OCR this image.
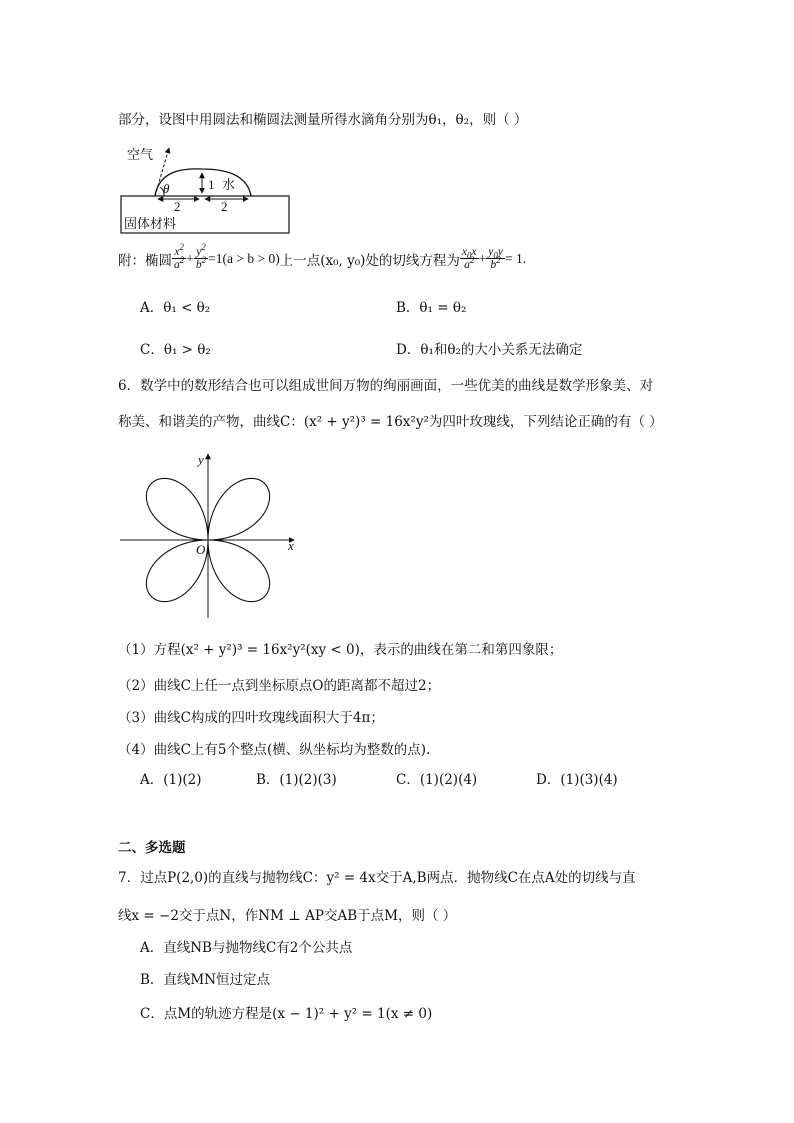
部分，设图中用圆法和椭圆法测量所得水滴角分别为θ₁，θ₂，则（ ）
空气
θ	1 水
2	2
固体材料
附：椭圆 $\frac{x^2}{a^2} + \frac{y^2}{b^2} =1(a > b > 0)$ 上一点(x₀, y₀)处的切线方程为 $\frac{x_0x}{a^2} + \frac{y_0y}{b^2} = 1$.
A．θ₁ < θ₂	B．θ₁ = θ₂
C．θ₁ > θ₂	D．θ₁和θ₂的大小关系无法确定
6．数学中的数形结合也可以组成世间万物的绚丽画面，一些优美的曲线是数学形象美、对
称美、和谐美的产物，曲线C：(x² + y²)³ = 16x²y²为四叶玫瑰线，下列结论正确的有（ ）
x
y
O
（1）方程(x² + y²)³ = 16x²y²(xy < 0)，表示的曲线在第二和第四象限；
（2）曲线C上任一点到坐标原点O的距离都不超过2；
（3）曲线C构成的四叶玫瑰线面积大于4π；
（4）曲线C上有5个整点(横、纵坐标均为整数的点).
A．(1)(2)	B．(1)(2)(3)	C．(1)(2)(4)	D．(1)(3)(4)
二、多选题
7．过点P(2,0)的直线与抛物线C：y² = 4x交于A,B两点．抛物线C在点A处的切线与直
线x = −2交于点N，作NM ⊥ AP交AB于点M，则（ ）
A．直线NB与抛物线C有2个公共点
B．直线MN恒过定点
C．点M的轨迹方程是(x − 1)² + y² = 1(x ≠ 0)
